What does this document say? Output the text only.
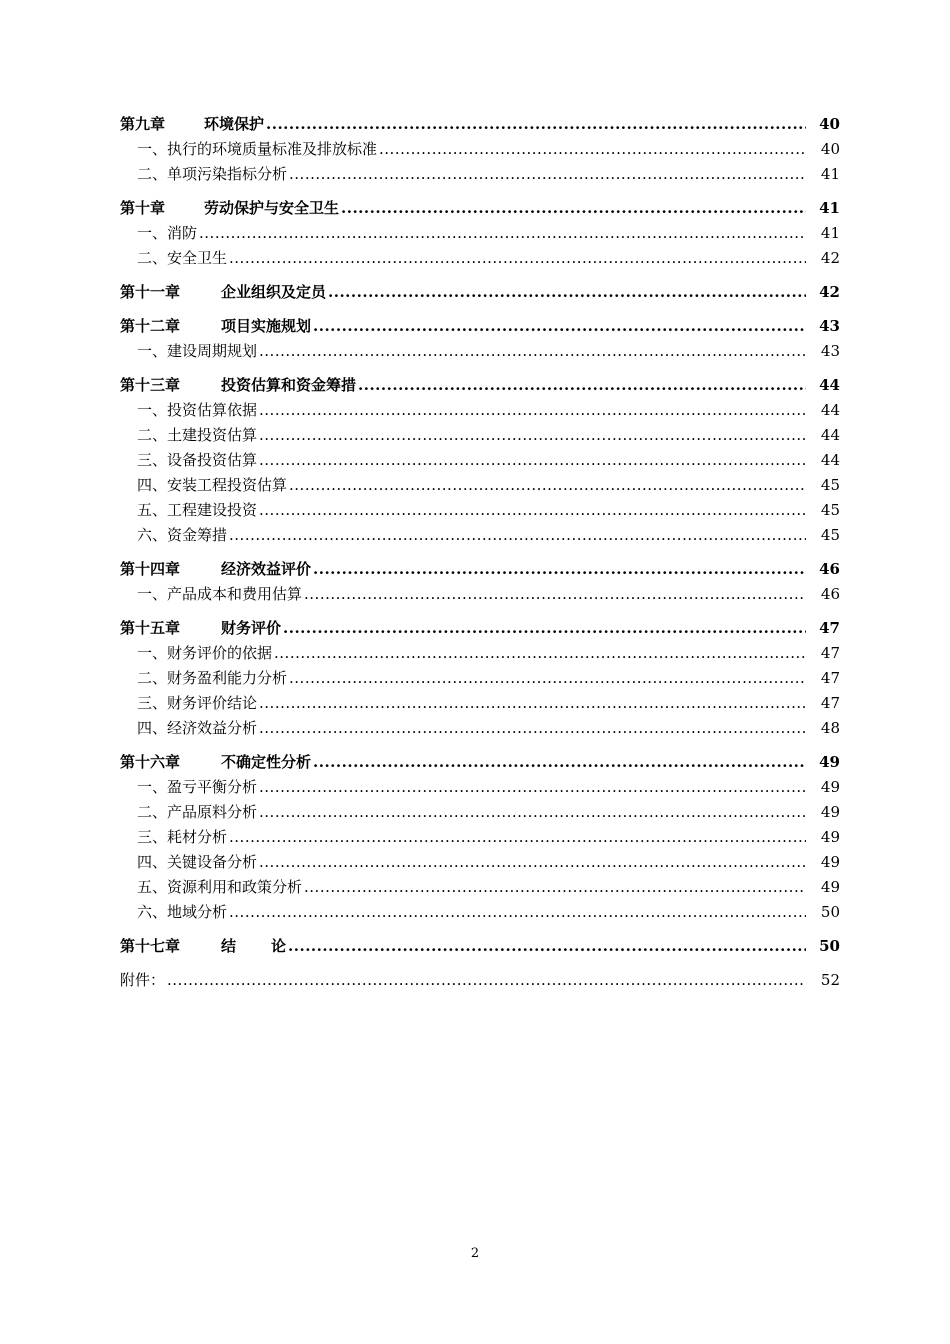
第九章	环境保护 .....	40
一、执行的环境质量标准及排放标准 .....	40
二、单项污染指标分析 .....	41
第十章	劳动保护与安全卫生 .....	41
一、消防 .....	41
二、安全卫生 .....	42
第十一章	企业组织及定员 .....	42
第十二章	项目实施规划 .....	43
一、建设周期规划 .....	43
第十三章	投资估算和资金筹措 .....	44
一、投资估算依据 .....	44
二、土建投资估算 .....	44
三、设备投资估算 .....	44
四、安装工程投资估算 .....	45
五、工程建设投资 .....	45
六、资金筹措 .....	45
第十四章	经济效益评价 .....	46
一、产品成本和费用估算 .....	46
第十五章	财务评价 .....	47
一、财务评价的依据 .....	47
二、财务盈利能力分析 .....	47
三、财务评价结论 .....	47
四、经济效益分析 .....	48
第十六章	不确定性分析 .....	49
一、盈亏平衡分析 .....	49
二、产品原料分析 .....	49
三、耗材分析 .....	49
四、关键设备分析 .....	49
五、资源利用和政策分析 .....	49
六、地域分析 .....	50
第十七章	结 论 .....	50
附件： .....	52
2
